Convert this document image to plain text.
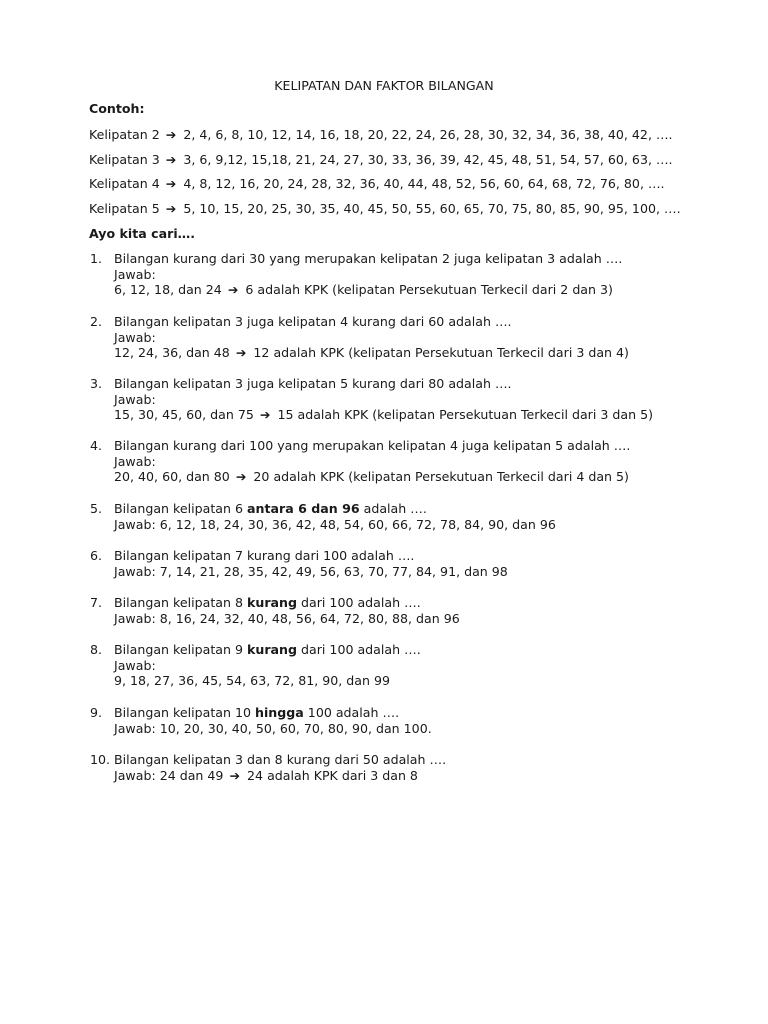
KELIPATAN DAN FAKTOR BILANGAN
Contoh:
Kelipatan 2 ➔ 2, 4, 6, 8, 10, 12, 14, 16, 18, 20, 22, 24, 26, 28, 30, 32, 34, 36, 38, 40, 42, ….
Kelipatan 3 ➔ 3, 6, 9,12, 15,18, 21, 24, 27, 30, 33, 36, 39, 42, 45, 48, 51, 54, 57, 60, 63, ….
Kelipatan 4 ➔ 4, 8, 12, 16, 20, 24, 28, 32, 36, 40, 44, 48, 52, 56, 60, 64, 68, 72, 76, 80, ….
Kelipatan 5 ➔ 5, 10, 15, 20, 25, 30, 35, 40, 45, 50, 55, 60, 65, 70, 75, 80, 85, 90, 95, 100, ….
Ayo kita cari….
1. Bilangan kurang dari 30 yang merupakan kelipatan 2 juga kelipatan 3 adalah ….
Jawab:
6, 12, 18, dan 24 ➔ 6 adalah KPK (kelipatan Persekutuan Terkecil dari 2 dan 3)
2. Bilangan kelipatan 3 juga kelipatan 4 kurang dari 60 adalah ….
Jawab:
12, 24, 36, dan 48 ➔ 12 adalah KPK (kelipatan Persekutuan Terkecil dari 3 dan 4)
3. Bilangan kelipatan 3 juga kelipatan 5 kurang dari 80 adalah ….
Jawab:
15, 30, 45, 60, dan 75 ➔ 15 adalah KPK (kelipatan Persekutuan Terkecil dari 3 dan 5)
4. Bilangan kurang dari 100 yang merupakan kelipatan 4 juga kelipatan 5 adalah ….
Jawab:
20, 40, 60, dan 80 ➔ 20 adalah KPK (kelipatan Persekutuan Terkecil dari 4 dan 5)
5. Bilangan kelipatan 6 antara 6 dan 96 adalah ….
Jawab: 6, 12, 18, 24, 30, 36, 42, 48, 54, 60, 66, 72, 78, 84, 90, dan 96
6. Bilangan kelipatan 7 kurang dari 100 adalah ….
Jawab: 7, 14, 21, 28, 35, 42, 49, 56, 63, 70, 77, 84, 91, dan 98
7. Bilangan kelipatan 8 kurang dari 100 adalah ….
Jawab: 8, 16, 24, 32, 40, 48, 56, 64, 72, 80, 88, dan 96
8. Bilangan kelipatan 9 kurang dari 100 adalah ….
Jawab:
9, 18, 27, 36, 45, 54, 63, 72, 81, 90, dan 99
9. Bilangan kelipatan 10 hingga 100 adalah ….
Jawab: 10, 20, 30, 40, 50, 60, 70, 80, 90, dan 100.
10. Bilangan kelipatan 3 dan 8 kurang dari 50 adalah ….
Jawab: 24 dan 49 ➔ 24 adalah KPK dari 3 dan 8
